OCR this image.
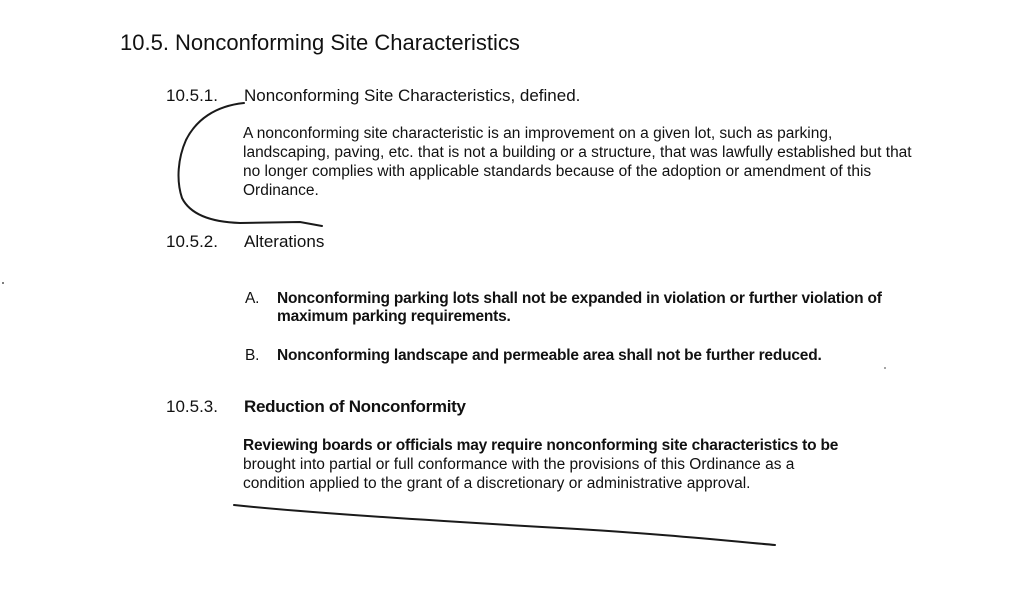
10.5. Nonconforming Site Characteristics
10.5.1. Nonconforming Site Characteristics, defined.

A nonconforming site characteristic is an improvement on a given lot, such as parking, landscaping, paving, etc. that is not a building or a structure, that was lawfully established but that no longer complies with applicable standards because of the adoption or amendment of this Ordinance.

10.5.2. Alterations
A. Nonconforming parking lots shall not be expanded in violation or further violation of maximum parking requirements.
B. Nonconforming landscape and permeable area shall not be further reduced.
10.5.3. Reduction of Nonconformity

Reviewing boards or officials may require nonconforming site characteristics to be brought into partial or full conformance with the provisions of this Ordinance as a condition applied to the grant of a discretionary or administrative approval.
